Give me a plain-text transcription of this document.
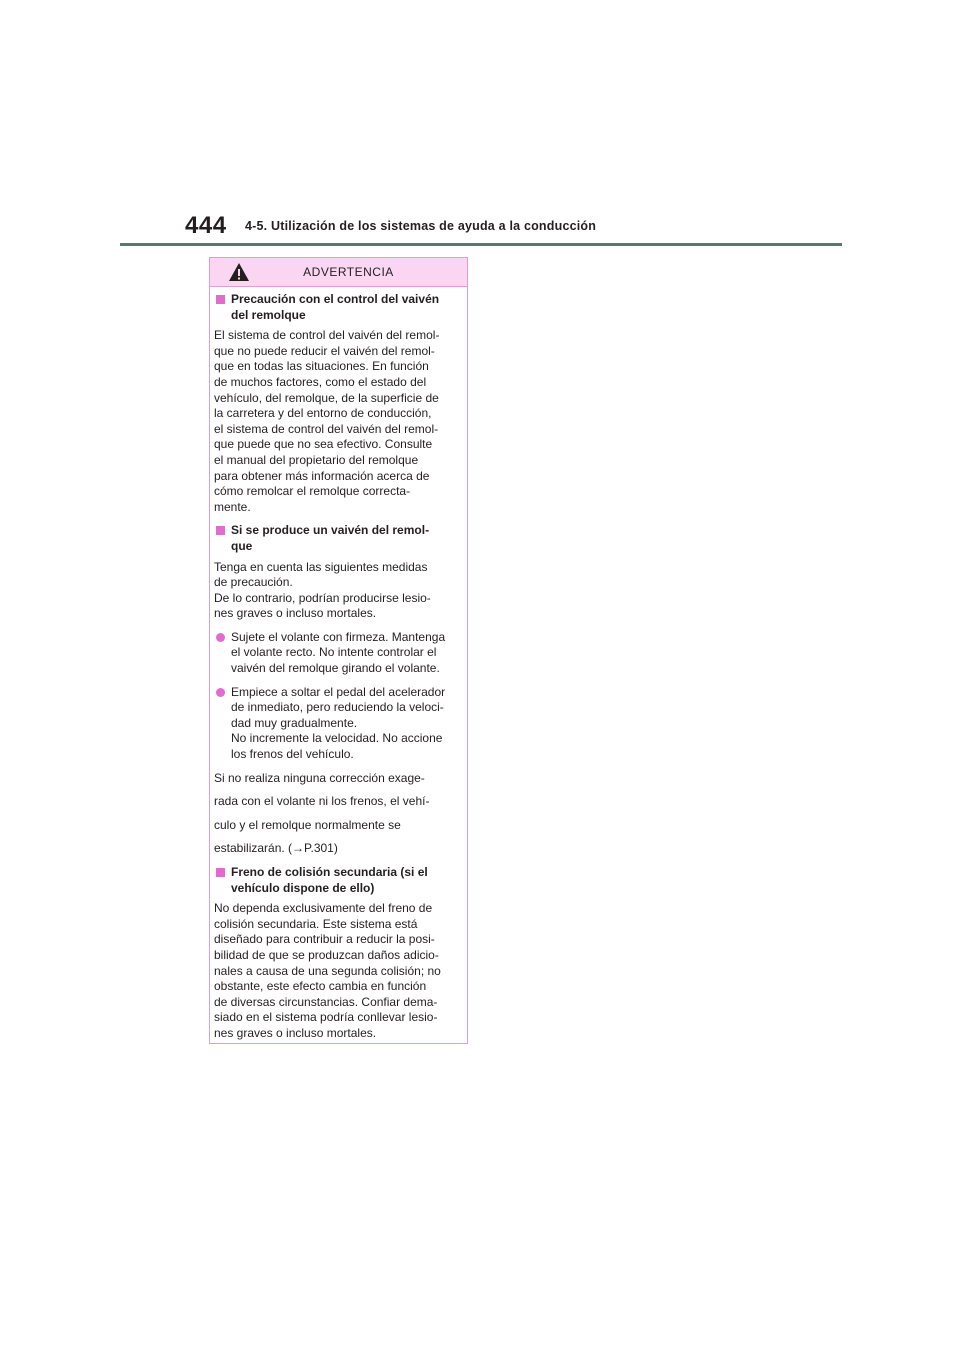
444 4-5. Utilización de los sistemas de ayuda a la conducción
ADVERTENCIA
Precaución con el control del vaivén
del remolque
El sistema de control del vaivén del remol-
que no puede reducir el vaivén del remol-
que en todas las situaciones. En función
de muchos factores, como el estado del
vehículo, del remolque, de la superficie de
la carretera y del entorno de conducción,
el sistema de control del vaivén del remol-
que puede que no sea efectivo. Consulte
el manual del propietario del remolque
para obtener más información acerca de
cómo remolcar el remolque correcta-
mente.
Si se produce un vaivén del remol-
que
Tenga en cuenta las siguientes medidas
de precaución.
De lo contrario, podrían producirse lesio-
nes graves o incluso mortales.
Sujete el volante con firmeza. Mantenga
el volante recto. No intente controlar el
vaivén del remolque girando el volante.
Empiece a soltar el pedal del acelerador
de inmediato, pero reduciendo la veloci-
dad muy gradualmente.
No incremente la velocidad. No accione
los frenos del vehículo.
Si no realiza ninguna corrección exage-
rada con el volante ni los frenos, el vehí-
culo y el remolque normalmente se
estabilizarán. (→P.301)
Freno de colisión secundaria (si el
vehículo dispone de ello)
No dependa exclusivamente del freno de
colisión secundaria. Este sistema está
diseñado para contribuir a reducir la posi-
bilidad de que se produzcan daños adicio-
nales a causa de una segunda colisión; no
obstante, este efecto cambia en función
de diversas circunstancias. Confiar dema-
siado en el sistema podría conllevar lesio-
nes graves o incluso mortales.
